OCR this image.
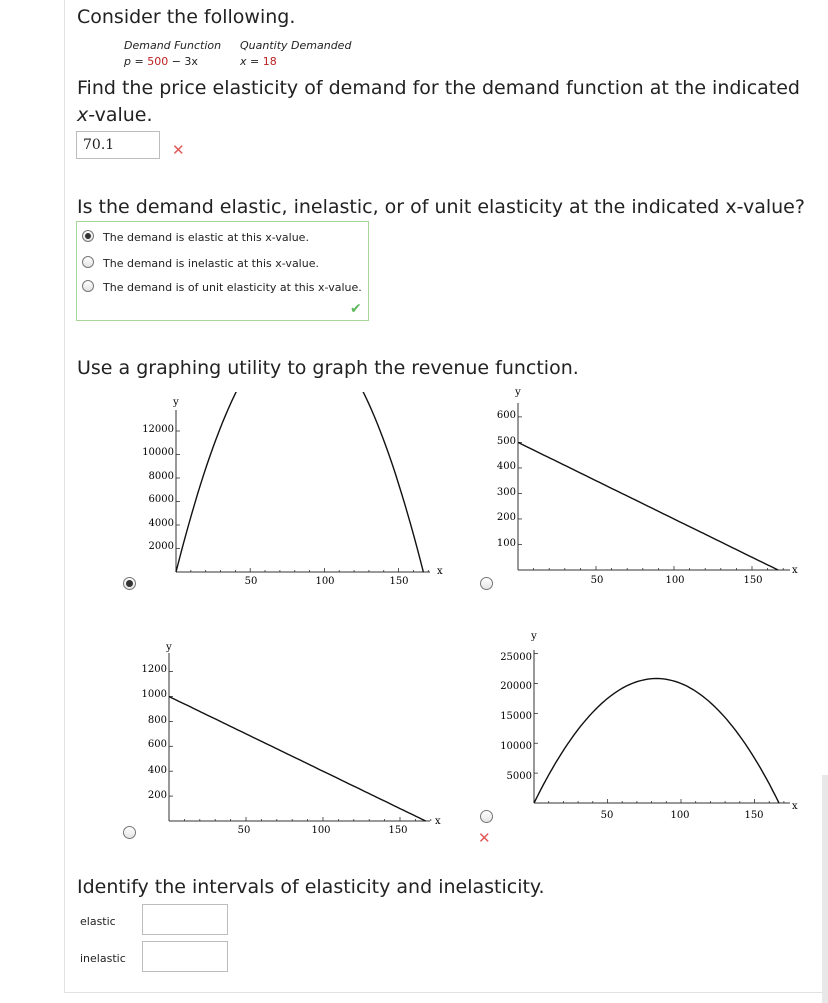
Consider the following.
Demand Function Quantity Demanded
p = 500 − 3x	x = 18
Find the price elasticity of demand for the demand function at the indicated
x-value.
70.1	✕
Is the demand elastic, inelastic, or of unit elasticity at the indicated x-value?
The demand is elastic at this x-value.
The demand is inelastic at this x-value.
The demand is of unit elasticity at this x-value.
✔
Use a graphing utility to graph the revenue function.
✕
y
x
50	100	150
2000
4000
6000
8000
10000
12000
y
x
50	100	150
100
200
300
400
500
600
y
x
50	100	150
200
400
600
800
1000
1200
y
x
50	100	150
5000
10000
15000
20000
25000
Identify the intervals of elasticity and inelasticity.
elastic
inelastic
